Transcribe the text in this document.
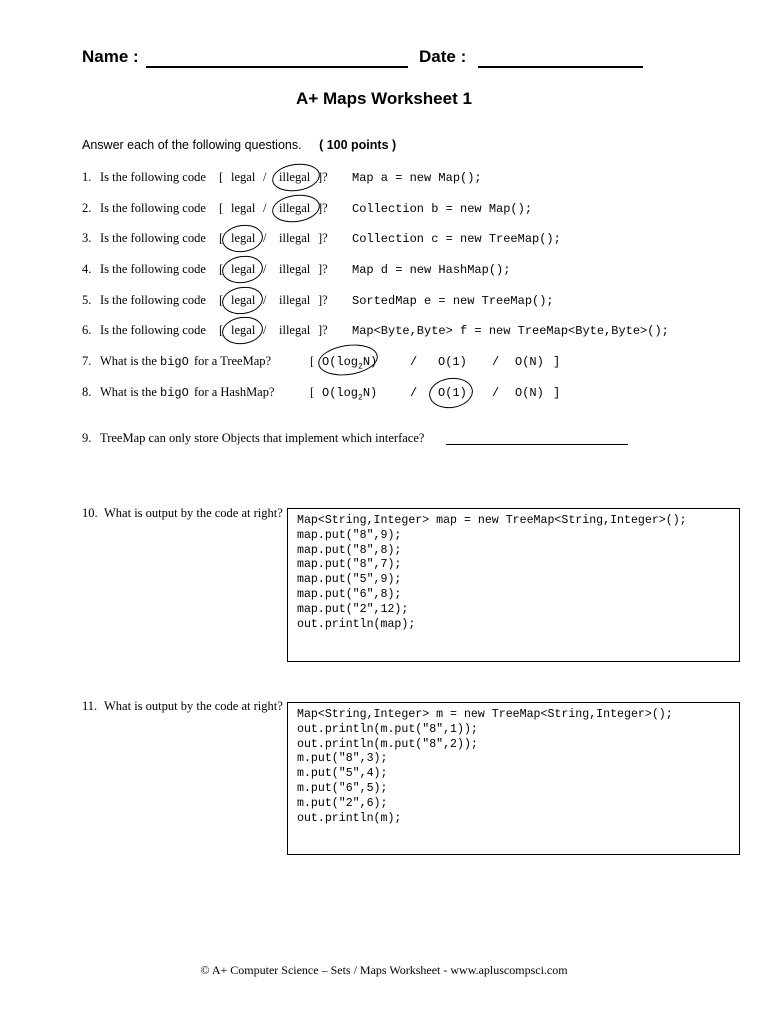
Name :	Date :
A+ Maps Worksheet 1
Answer each of the following questions. ( 100 points )
1. Is the following code [ legal / illegal ]? Map a = new Map();
2. Is the following code [ legal / illegal ]? Collection b = new Map();
3. Is the following code [ legal / illegal ]? Collection c = new TreeMap();
4. Is the following code [ legal / illegal ]? Map d = new HashMap();
5. Is the following code [ legal / illegal ]? SortedMap e = new TreeMap();
6. Is the following code [ legal / illegal ]? Map<Byte,Byte> f = new TreeMap<Byte,Byte>();
7. What is the bigO for a TreeMap?	[ $O(\log_2N)$	/ O(1) / O(N) ]
8. What is the bigO for a HashMap?	[ $O(\log_2N)$	/ O(1) / O(N) ]
9. TreeMap can only store Objects that implement which interface?
10. What is output by the code at right?
Map<String,Integer> map = new TreeMap<String,Integer>();
map.put("8",9);
map.put("8",8);
map.put("8",7);
map.put("5",9);
map.put("6",8);
map.put("2",12);
out.println(map);
11. What is output by the code at right?
Map<String,Integer> m = new TreeMap<String,Integer>();
out.println(m.put("8",1));
out.println(m.put("8",2));
m.put("8",3);
m.put("5",4);
m.put("6",5);
m.put("2",6);
out.println(m);
© A+ Computer Science – Sets / Maps Worksheet - www.apluscompsci.com
